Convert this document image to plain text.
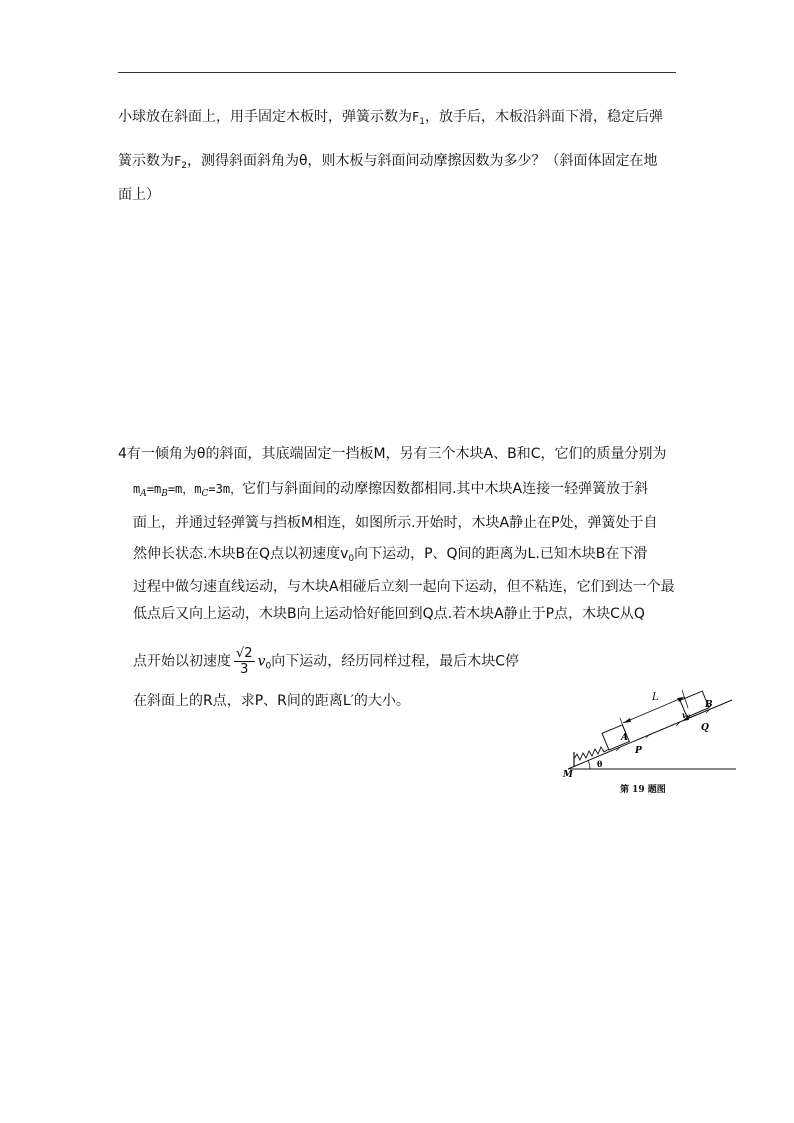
小球放在斜面上，用手固定木板时，弹簧示数为$F_1$，放手后，木板沿斜面下滑，稳定后弹
簧示数为$F_2$，测得斜面斜角为θ，则木板与斜面间动摩擦因数为多少？（斜面体固定在地
面上）
4有一倾角为θ的斜面，其底端固定一挡板M，另有三个木块A、B和C，它们的质量分别为
$m_A=m_B=m$，$m_C=3m$，它们与斜面间的动摩擦因数都相同.其中木块A连接一轻弹簧放于斜
面上，并通过轻弹簧与挡板M相连，如图所示.开始时，木块A静止在P处，弹簧处于自
然伸长状态.木块B在Q点以初速度$v_0$向下运动，P、Q间的距离为L.已知木块B在下滑
过程中做匀速直线运动，与木块A相碰后立刻一起向下运动，但不粘连，它们到达一个最
低点后又向上运动，木块B向上运动恰好能回到Q点.若木块A静止于P点，木块C从Q
点开始以初速度 $\frac{√2}{3} v_0$向下运动，经历同样过程，最后木块C停
在斜面上的R点，求P、R间的距离L′的大小。	L
B
A
v₀
Q
P
M
θ
第 19 题图
